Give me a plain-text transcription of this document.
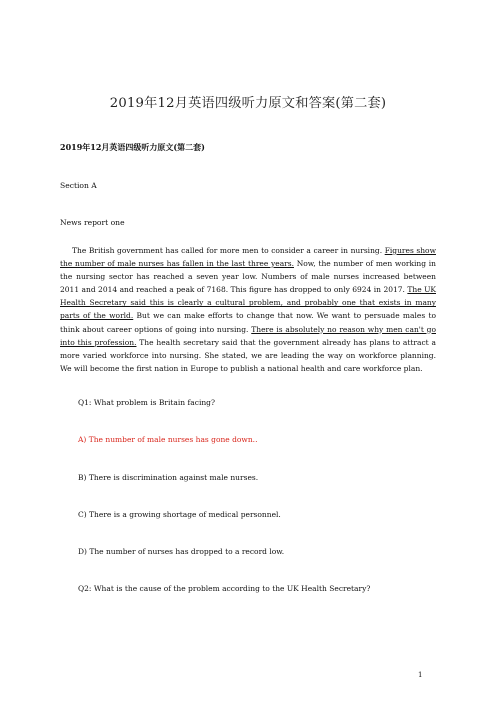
2019年12月英语四级听力原文和答案(第二套)
2019年12月英语四级听力原文(第二套)
Section A
News report one

The British government has called for more men to consider a career in nursing. Figures show the number of male nurses has fallen in the last three years. Now, the number of men working in the nursing sector has reached a seven year low. Numbers of male nurses increased between 2011 and 2014 and reached a peak of 7168. This figure has dropped to only 6924 in 2017. The UK Health Secretary said this is clearly a cultural problem, and probably one that exists in many parts of the world. But we can make efforts to change that now. We want to persuade males to think about career options of going into nursing. There is absolutely no reason why men can't go into this profession. The health secretary said that the government already has plans to attract a more varied workforce into nursing. She stated, we are leading the way on workforce planning. We will become the first nation in Europe to publish a national health and care workforce plan.

Q1: What problem is Britain facing?
A) The number of male nurses has gone down..
B) There is discrimination against male nurses.
C) There is a growing shortage of medical personnel.
D) The number of nurses has dropped to a record low.
Q2: What is the cause of the problem according to the UK Health Secretary?
1
